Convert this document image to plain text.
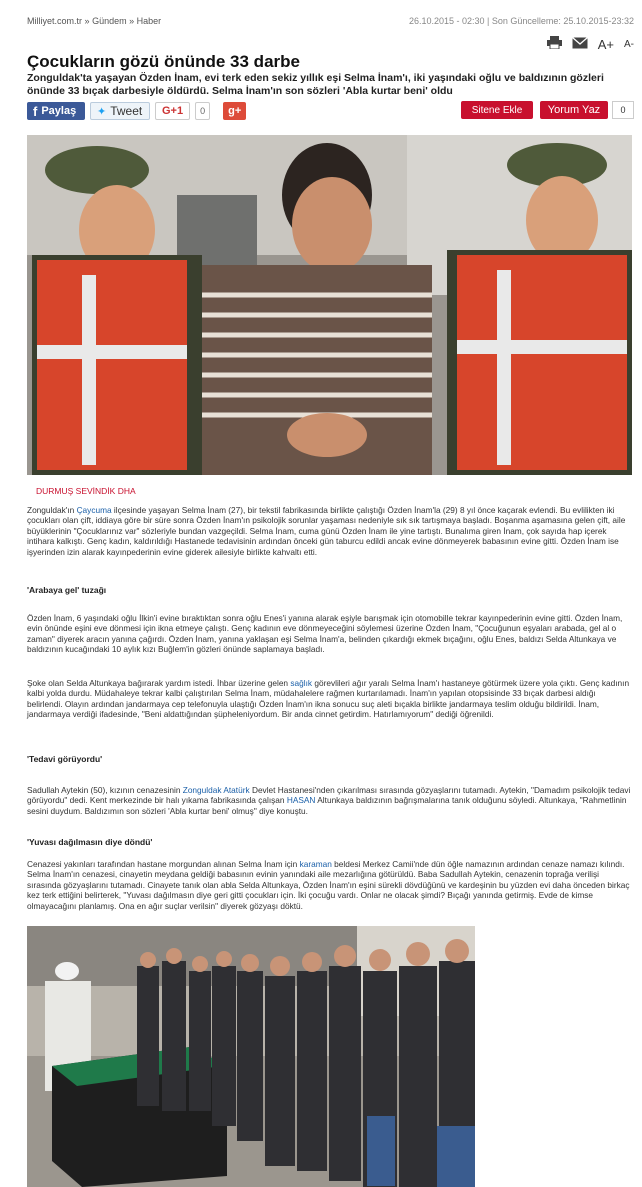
Milliyet.com.tr » Gündem » Haber	26.10.2015 - 02:30 | Son Güncelleme: 25.10.2015-23:32
A+ A-
Çocukların gözü önünde 33 darbe
Zonguldak'ta yaşayan Özden İnam, evi terk eden sekiz yıllık eşi Selma İnam'ı, iki yaşındaki oğlu ve baldızının gözleri önünde 33 bıçak darbesiyle öldürdü. Selma İnam'ın son sözleri 'Abla kurtar beni' oldu
f Paylaş ✦ Tweet	G+1	0	g+	Sitene Ekle	Yorum Yaz	0
DURMUŞ SEVİNDİK DHA
Zonguldak'ın Çaycuma ilçesinde yaşayan Selma İnam (27), bir tekstil fabrikasında birlikte çalıştığı Özden İnam'la (29) 8 yıl önce kaçarak evlendi. Bu evlilikten iki çocukları olan çift, iddiaya göre bir süre sonra Özden İnam'ın psikolojik sorunlar yaşaması nedeniyle sık sık tartışmaya başladı. Boşanma aşamasına gelen çift, aile büyüklerinin "Çocuklarınız var" sözleriyle bundan vazgeçildi. Selma İnam, cuma günü Özden İnam ile yine tartıştı. Bunalıma giren İnam, çok sayıda hap içerek intihara kalkıştı. Genç kadın, kaldırıldığı Hastanede tedavisinin ardından önceki gün taburcu edildi ancak evine dönmeyerek babasının evine gitti. Özden İnam ise işyerinden izin alarak kayınpederinin evine giderek ailesiyle birlikte kahvaltı etti.
'Arabaya gel' tuzağı
Özden İnam, 6 yaşındaki oğlu İlkin'i evine bıraktıktan sonra oğlu Enes'i yanına alarak eşiyle barışmak için otomobille tekrar kayınpederinin evine gitti. Özden İnam, evin önünde eşini eve dönmesi için ikna etmeye çalıştı. Genç kadının eve dönmeyeceğini söylemesi üzerine Özden İnam, "Çocuğunun eşyaları arabada, gel al o zaman" diyerek aracın yanına çağırdı. Özden İnam, yanına yaklaşan eşi Selma İnam'a, belinden çıkardığı ekmek bıçağını, oğlu Enes, baldızı Selda Altunkaya ve baldızının kucağındaki 10 aylık kızı Buğlem'in gözleri önünde saplamaya başladı.
Şoke olan Selda Altunkaya bağırarak yardım istedi. İhbar üzerine gelen sağlık görevlileri ağır yaralı Selma İnam'ı hastaneye götürmek üzere yola çıktı. Genç kadının kalbi yolda durdu. Müdahaleye tekrar kalbi çalıştırılan Selma İnam, müdahalelere rağmen kurtarılamadı. İnam'ın yapılan otopsisinde 33 bıçak darbesi aldığı belirlendi. Olayın ardından jandarmaya cep telefonuyla ulaştığı Özden İnam'ın ikna sonucu suç aleti bıçakla birlikte jandarmaya teslim olduğu bildirildi. İnam, jandarmaya verdiği ifadesinde, "Beni aldattığından şüpheleniyordum. Bir anda cinnet getirdim. Hatırlamıyorum" dediği öğrenildi.
'Tedavi görüyordu'
Sadullah Aytekin (50), kızının cenazesinin Zonguldak Atatürk Devlet Hastanesi'nden çıkarılması sırasında gözyaşlarını tutamadı. Aytekin, "Damadım psikolojik tedavi görüyordu" dedi. Kent merkezinde bir halı yıkama fabrikasında çalışan HASAN Altunkaya baldızının bağrışmalarına tanık olduğunu söyledi. Altunkaya, "Rahmetlinin sesini duydum. Baldızımın son sözleri 'Abla kurtar beni' olmuş" diye konuştu.
'Yuvası dağılmasın diye döndü'
Cenazesi yakınları tarafından hastane morgundan alınan Selma İnam için karaman beldesi Merkez Camii'nde dün öğle namazının ardından cenaze namazı kılındı. Selma İnam'ın cenazesi, cinayetin meydana geldiği babasının evinin yanındaki aile mezarlığına götürüldü. Baba Sadullah Aytekin, cenazenin toprağa verilişi sırasında gözyaşlarını tutamadı. Cinayete tanık olan abla Selda Altunkaya, Özden İnam'ın eşini sürekli dövdüğünü ve kardeşinin bu yüzden evi daha önceden birkaç kez terk ettiğini belirterek, "Yuvası dağılmasın diye geri gitti çocukları için. İki çocuğu vardı. Onlar ne olacak şimdi? Bıçağı yanında getirmiş. Evde de kimse olmayacağını planlamış. Ona en ağır suçlar verilsin" diyerek gözyaşı döktü.
